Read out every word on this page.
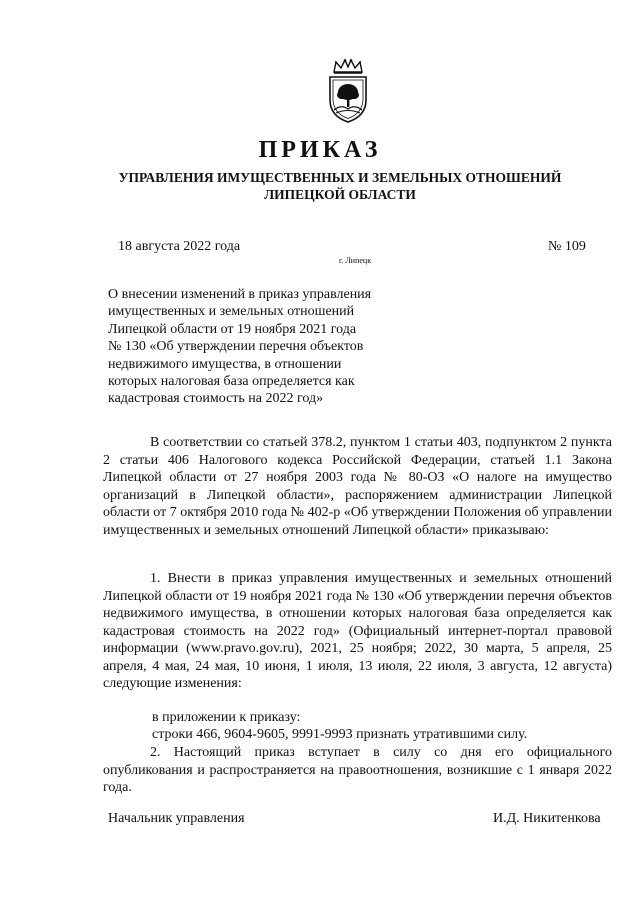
ПРИКАЗ
УПРАВЛЕНИЯ ИМУЩЕСТВЕННЫХ И ЗЕМЕЛЬНЫХ ОТНОШЕНИЙ
ЛИПЕЦКОЙ ОБЛАСТИ
18 августа 2022 года	№ 109
г. Липецк
О внесении изменений в приказ управления
имущественных и земельных отношений
Липецкой области от 19 ноября 2021 года
№ 130 «Об утверждении перечня объектов
недвижимого имущества, в отношении
которых налоговая база определяется как
кадастровая стоимость на 2022 год»

В соответствии со статьей 378.2, пунктом 1 статьи 403, подпунктом 2 пункта 2 статьи 406 Налогового кодекса Российской Федерации, статьей 1.1 Закона Липецкой области от 27 ноября 2003 года № 80-ОЗ «О налоге на имущество организаций в Липецкой области», распоряжением администрации Липецкой области от 7 октября 2010 года № 402-р «Об утверждении Положения об управлении имущественных и земельных отношений Липецкой области» приказываю:

1. Внести в приказ управления имущественных и земельных отношений Липецкой области от 19 ноября 2021 года № 130 «Об утверждении перечня объектов недвижимого имущества, в отношении которых налоговая база определяется как кадастровая стоимость на 2022 год» (Официальный интернет-портал правовой информации (www.pravo.gov.ru), 2021, 25 ноября; 2022, 30 марта, 5 апреля, 25 апреля, 4 мая, 24 мая, 10 июня, 1 июля, 13 июля, 22 июля, 3 августа, 12 августа) следующие изменения:

в приложении к приказу:
строки 466, 9604-9605, 9991-9993 признать утратившими силу.

2. Настоящий приказ вступает в силу со дня его официального опубликования и распространяется на правоотношения, возникшие с 1 января 2022 года.

Начальник управления	И.Д. Никитенкова
